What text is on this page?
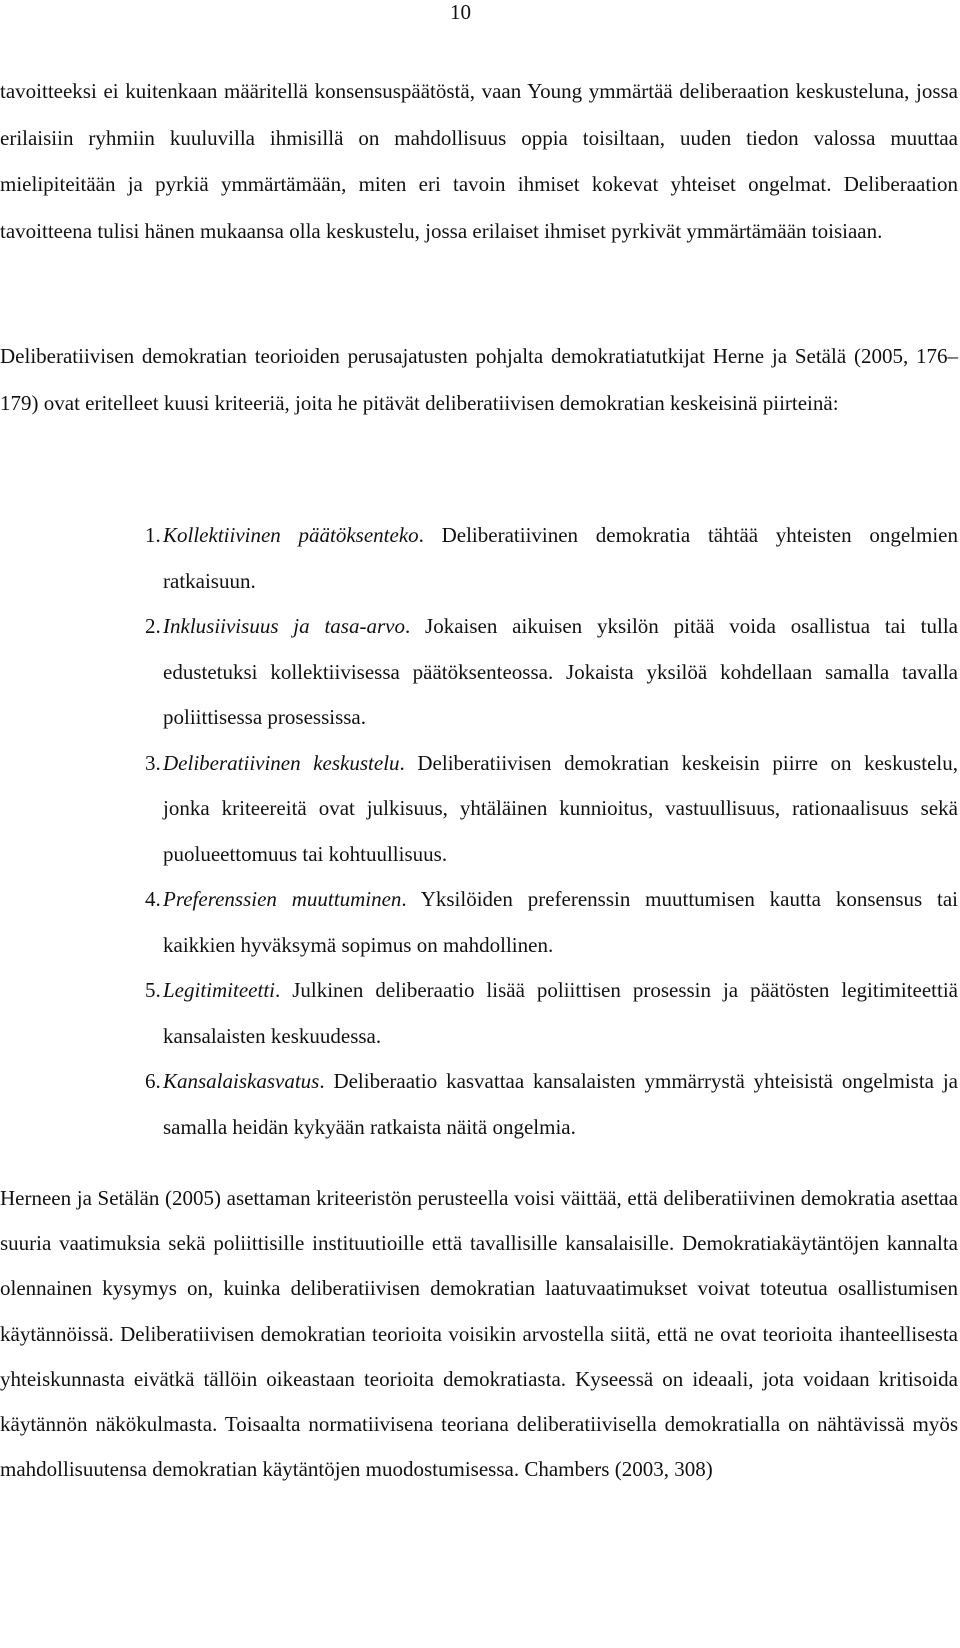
10

tavoitteeksi ei kuitenkaan määritellä konsensuspäätöstä, vaan Young ymmärtää deliberaation keskusteluna, jossa erilaisiin ryhmiin kuuluvilla ihmisillä on mahdollisuus oppia toisiltaan, uuden tiedon valossa muuttaa mielipiteitään ja pyrkiä ymmärtämään, miten eri tavoin ihmiset kokevat yhteiset ongelmat. Deliberaation tavoitteena tulisi hänen mukaansa olla keskustelu, jossa erilaiset ihmiset pyrkivät ymmärtämään toisiaan.

Deliberatiivisen demokratian teorioiden perusajatusten pohjalta demokratiatutkijat Herne ja Setälä (2005, 176–179) ovat eritelleet kuusi kriteeriä, joita he pitävät deliberatiivisen demokratian keskeisinä piirteinä:

1. Kollektiivinen päätöksenteko. Deliberatiivinen demokratia tähtää yhteisten ongelmien ratkaisuun.
2. Inklusiivisuus ja tasa-arvo. Jokaisen aikuisen yksilön pitää voida osallistua tai tulla edustetuksi kollektiivisessa päätöksenteossa. Jokaista yksilöä kohdellaan samalla tavalla poliittisessa prosessissa.
3. Deliberatiivinen keskustelu. Deliberatiivisen demokratian keskeisin piirre on keskustelu, jonka kriteereitä ovat julkisuus, yhtäläinen kunnioitus, vastuullisuus, rationaalisuus sekä puolueettomuus tai kohtuullisuus.
4. Preferenssien muuttuminen. Yksilöiden preferenssin muuttumisen kautta konsensus tai kaikkien hyväksymä sopimus on mahdollinen.
5. Legitimiteetti. Julkinen deliberaatio lisää poliittisen prosessin ja päätösten legitimiteettiä kansalaisten keskuudessa.
6. Kansalaiskasvatus. Deliberaatio kasvattaa kansalaisten ymmärrystä yhteisistä ongelmista ja samalla heidän kykyään ratkaista näitä ongelmia.

Herneen ja Setälän (2005) asettaman kriteeristön perusteella voisi väittää, että deliberatiivinen demokratia asettaa suuria vaatimuksia sekä poliittisille instituutioille että tavallisille kansalaisille. Demokratiakäytäntöjen kannalta olennainen kysymys on, kuinka deliberatiivisen demokratian laatuvaatimukset voivat toteutua osallistumisen käytännöissä. Deliberatiivisen demokratian teorioita voisikin arvostella siitä, että ne ovat teorioita ihanteellisesta yhteiskunnasta eivätkä tällöin oikeastaan teorioita demokratiasta. Kyseessä on ideaali, jota voidaan kritisoida käytännön näkökulmasta. Toisaalta normatiivisena teoriana deliberatiivisella demokratialla on nähtävissä myös mahdollisuutensa demokratian käytäntöjen muodostumisessa. Chambers (2003, 308)
